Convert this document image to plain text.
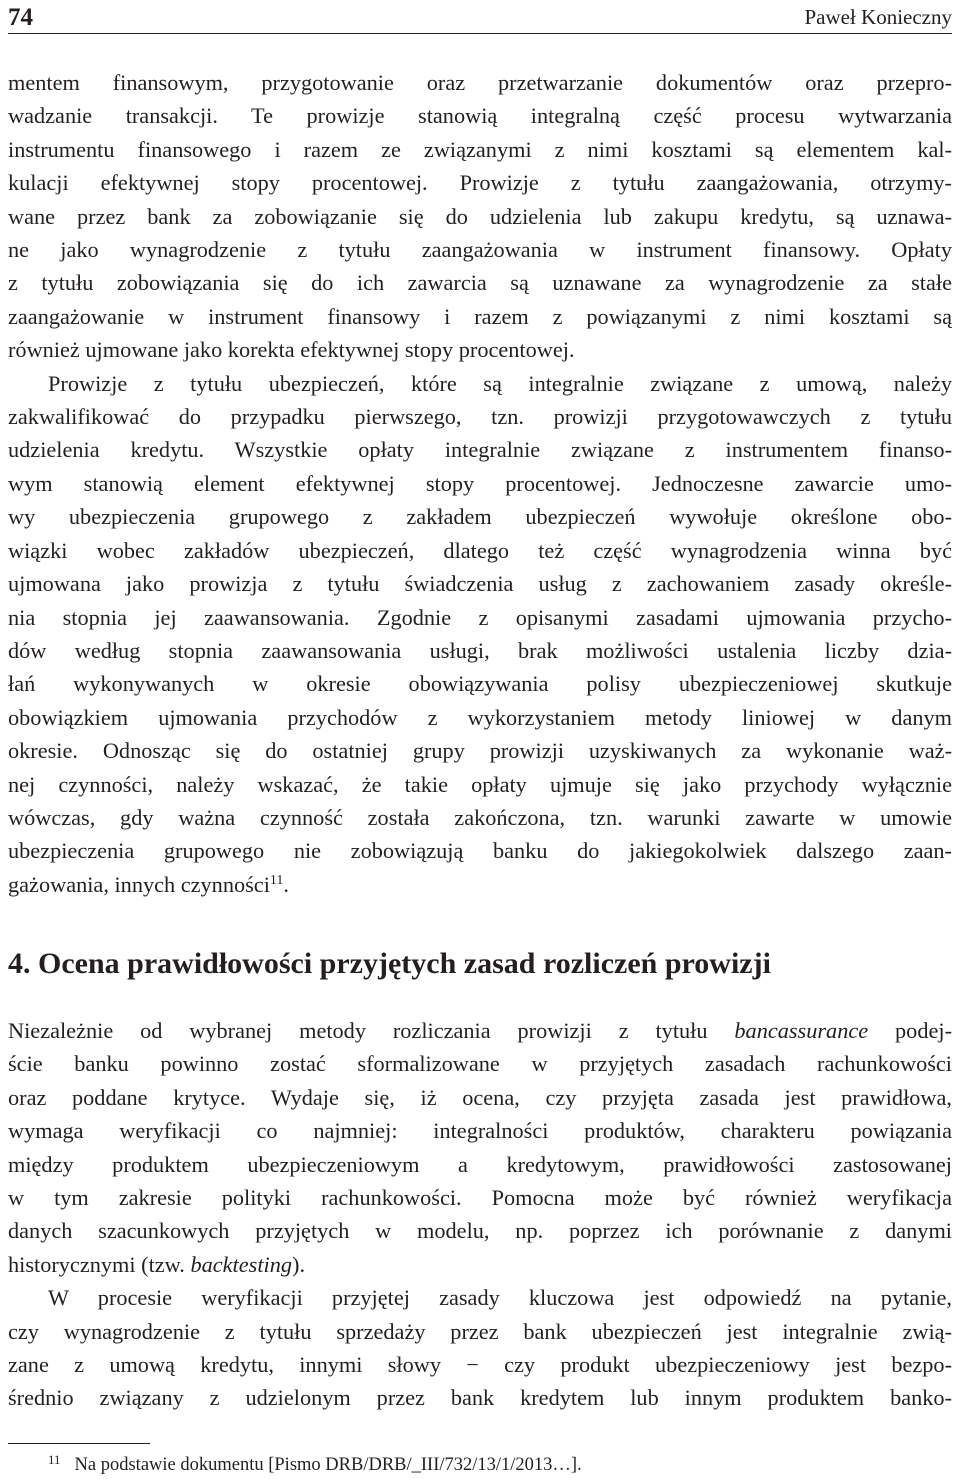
74	Paweł Konieczny
mentem finansowym, przygotowanie oraz przetwarzanie dokumentów oraz przepro-
wadzanie transakcji. Te prowizje stanowią integralną część procesu wytwarzania
instrumentu finansowego i razem ze związanymi z nimi kosztami są elementem kal-
kulacji efektywnej stopy procentowej. Prowizje z tytułu zaangażowania, otrzymy-
wane przez bank za zobowiązanie się do udzielenia lub zakupu kredytu, są uznawa-
ne jako wynagrodzenie z tytułu zaangażowania w instrument finansowy. Opłaty
z tytułu zobowiązania się do ich zawarcia są uznawane za wynagrodzenie za stałe
zaangażowanie w instrument finansowy i razem z powiązanymi z nimi kosztami są
również ujmowane jako korekta efektywnej stopy procentowej.
Prowizje z tytułu ubezpieczeń, które są integralnie związane z umową, należy
zakwalifikować do przypadku pierwszego, tzn. prowizji przygotowawczych z tytułu
udzielenia kredytu. Wszystkie opłaty integralnie związane z instrumentem finanso-
wym stanowią element efektywnej stopy procentowej. Jednoczesne zawarcie umo-
wy ubezpieczenia grupowego z zakładem ubezpieczeń wywołuje określone obo-
wiązki wobec zakładów ubezpieczeń, dlatego też część wynagrodzenia winna być
ujmowana jako prowizja z tytułu świadczenia usług z zachowaniem zasady określe-
nia stopnia jej zaawansowania. Zgodnie z opisanymi zasadami ujmowania przycho-
dów według stopnia zaawansowania usługi, brak możliwości ustalenia liczby dzia-
łań wykonywanych w okresie obowiązywania polisy ubezpieczeniowej skutkuje
obowiązkiem ujmowania przychodów z wykorzystaniem metody liniowej w danym
okresie. Odnosząc się do ostatniej grupy prowizji uzyskiwanych za wykonanie waż-
nej czynności, należy wskazać, że takie opłaty ujmuje się jako przychody wyłącznie
wówczas, gdy ważna czynność została zakończona, tzn. warunki zawarte w umowie
ubezpieczenia grupowego nie zobowiązują banku do jakiegokolwiek dalszego zaan-
gażowania, innych czynności$^{11}$.
4. Ocena prawidłowości przyjętych zasad rozliczeń prowizji
Niezależnie od wybranej metody rozliczania prowizji z tytułu bancassurance podej-
ście banku powinno zostać sformalizowane w przyjętych zasadach rachunkowości
oraz poddane krytyce. Wydaje się, iż ocena, czy przyjęta zasada jest prawidłowa,
wymaga weryfikacji co najmniej: integralności produktów, charakteru powiązania
między produktem ubezpieczeniowym a kredytowym, prawidłowości zastosowanej
w tym zakresie polityki rachunkowości. Pomocna może być również weryfikacja
danych szacunkowych przyjętych w modelu, np. poprzez ich porównanie z danymi
historycznymi (tzw. backtesting).
W procesie weryfikacji przyjętej zasady kluczowa jest odpowiedź na pytanie,
czy wynagrodzenie z tytułu sprzedaży przez bank ubezpieczeń jest integralnie zwią-
zane z umową kredytu, innymi słowy − czy produkt ubezpieczeniowy jest bezpo-
średnio związany z udzielonym przez bank kredytem lub innym produktem banko-
$^{11}$ Na podstawie dokumentu [Pismo DRB/DRB/_III/732/13/1/2013…].
